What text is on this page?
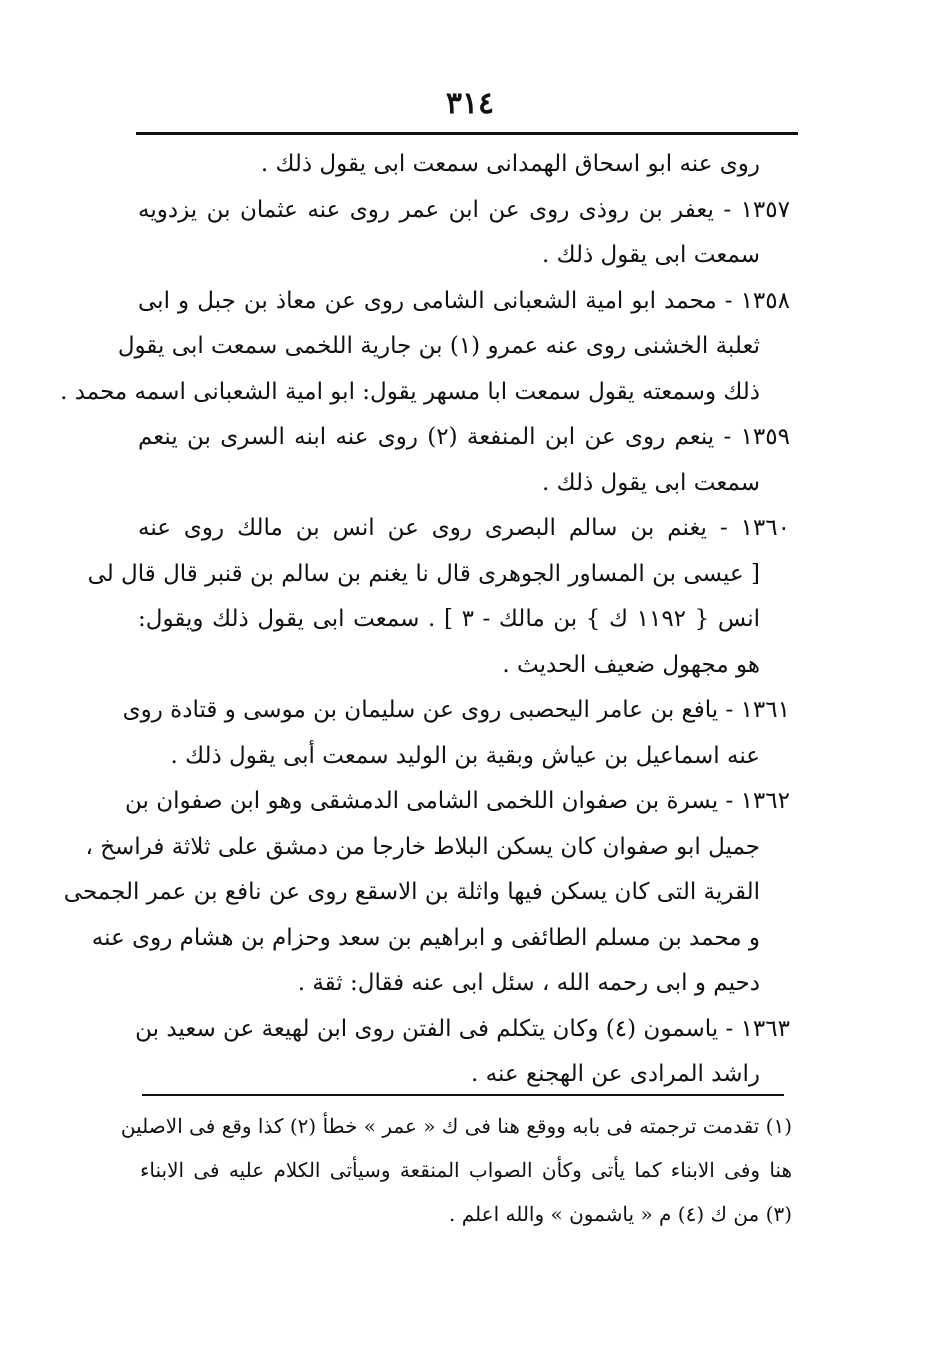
٣١٤
روى عنه ابو اسحاق الهمدانى سمعت ابى يقول ذلك .
١٣٥٧ - يعفر بن روذى روى عن ابن عمر روى عنه عثمان بن يزدويه
سمعت ابى يقول ذلك .
١٣٥٨ - محمد ابو امية الشعبانى الشامى روى عن معاذ بن جبل و ابى
ثعلبة الخشنى روى عنه عمرو (١) بن جارية اللخمى سمعت ابى يقول
ذلك وسمعته يقول سمعت ابا مسهر يقول: ابو امية الشعبانى اسمه محمد .
١٣٥٩ - ينعم روى عن ابن المنفعة (٢) روى عنه ابنه السرى بن ينعم
سمعت ابى يقول ذلك .
١٣٦٠ - يغنم بن سالم البصرى روى عن انس بن مالك روى عنه
[ عيسى بن المساور الجوهرى قال نا يغنم بن سالم بن قنبر قال قال لى
انس { ١١٩٢ ك } بن مالك - ٣ ] . سمعت ابى يقول ذلك ويقول:
هو مجهول ضعيف الحديث .
١٣٦١ - يافع بن عامر اليحصبى روى عن سليمان بن موسى و قتادة روى
عنه اسماعيل بن عياش وبقية بن الوليد سمعت أبى يقول ذلك .
١٣٦٢ - يسرة بن صفوان اللخمى الشامى الدمشقى وهو ابن صفوان بن
جميل ابو صفوان كان يسكن البلاط خارجا من دمشق على ثلاثة فراسخ ،
القرية التى كان يسكن فيها واثلة بن الاسقع روى عن نافع بن عمر الجمحى
و محمد بن مسلم الطائفى و ابراهيم بن سعد وحزام بن هشام روى عنه
دحيم و ابى رحمه الله ، سئل ابى عنه فقال: ثقة .
١٣٦٣ - ياسمون (٤) وكان يتكلم فى الفتن روى ابن لهيعة عن سعيد بن
راشد المرادى عن الهجنع عنه .
(١) تقدمت ترجمته فى بابه ووقع هنا فى ك « عمر » خطأ (٢) كذا وقع فى الاصلين
هنا وفى الابناء كما يأتى وكأن الصواب المنقعة وسيأتى الكلام عليه فى الابناء
(٣) من ك (٤) م « ياشمون » والله اعلم .
